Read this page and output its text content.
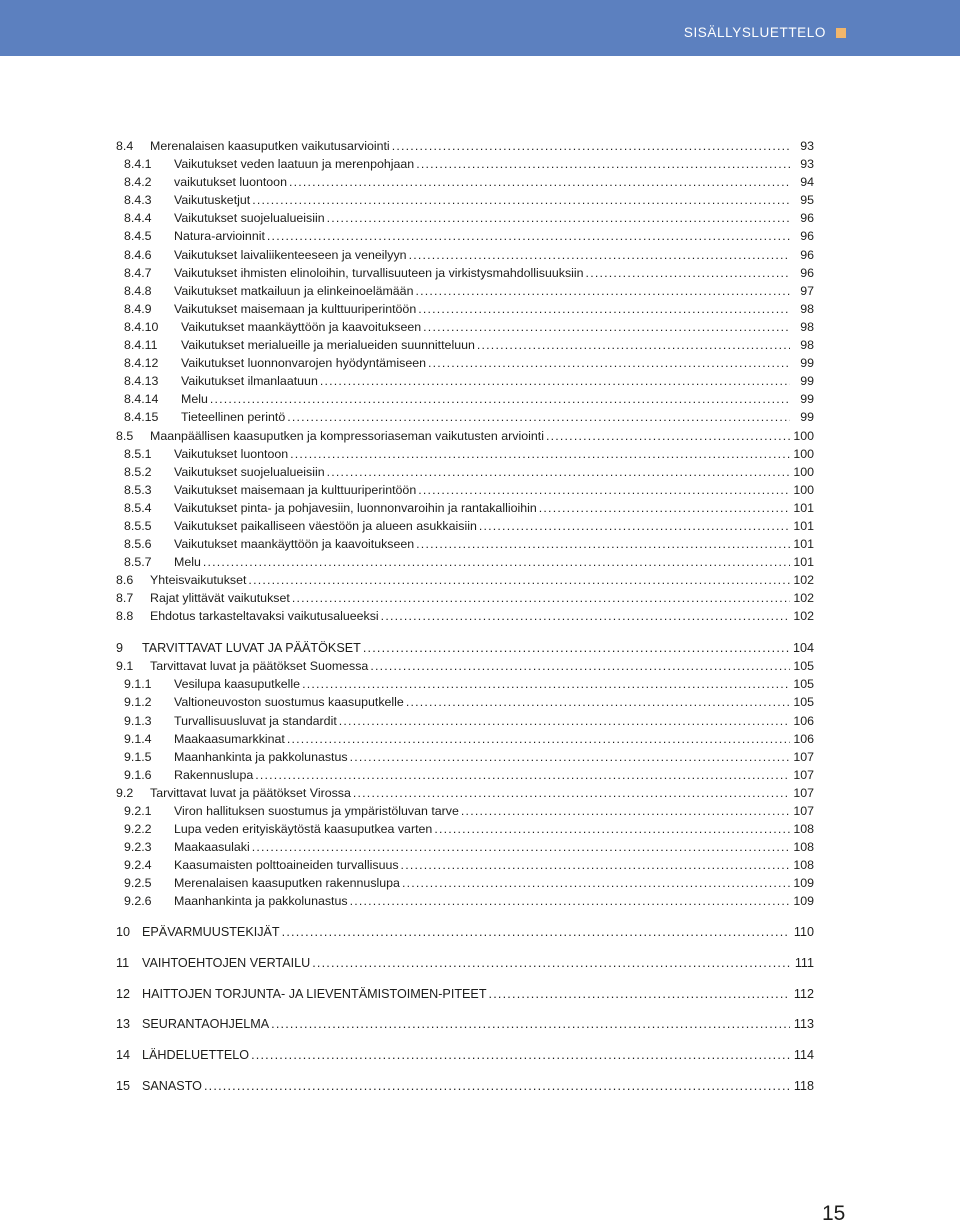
SISÄLLYSLUETTELO
8.4	Merenalaisen kaasuputken vaikutusarviointi .....	93
8.4.1	Vaikutukset veden laatuun ja merenpohjaan .....	93
8.4.2	vaikutukset luontoon .....	94
8.4.3	Vaikutusketjut .....	95
8.4.4	Vaikutukset suojelualueisiin .....	96
8.4.5	Natura-arvioinnit .....	96
8.4.6	Vaikutukset laivaliikenteeseen ja veneilyyn .....	96
8.4.7	Vaikutukset ihmisten elinoloihin, turvallisuuteen ja virkistysmahdollisuuksiin .....	96
8.4.8	Vaikutukset matkailuun ja elinkeinoelämään .....	97
8.4.9	Vaikutukset maisemaan ja kulttuuriperintöön .....	98
8.4.10	Vaikutukset maankäyttöön ja kaavoitukseen .....	98
8.4.11	Vaikutukset merialueille ja merialueiden suunnitteluun .....	98
8.4.12	Vaikutukset luonnonvarojen hyödyntämiseen .....	99
8.4.13	Vaikutukset ilmanlaatuun .....	99
8.4.14	Melu .....	99
8.4.15	Tieteellinen perintö .....	99
8.5	Maanpäällisen kaasuputken ja kompressoriaseman vaikutusten arviointi .....	100
8.5.1	Vaikutukset luontoon .....	100
8.5.2	Vaikutukset suojelualueisiin .....	100
8.5.3	Vaikutukset maisemaan ja kulttuuriperintöön .....	100
8.5.4	Vaikutukset pinta- ja pohjavesiin, luonnonvaroihin ja rantakallioihin .....	101
8.5.5	Vaikutukset paikalliseen väestöön ja alueen asukkaisiin .....	101
8.5.6	Vaikutukset maankäyttöön ja kaavoitukseen .....	101
8.5.7	Melu .....	101
8.6	Yhteisvaikutukset .....	102
8.7	Rajat ylittävät vaikutukset .....	102
8.8	Ehdotus tarkasteltavaksi vaikutusalueeksi .....	102
9	TARVITTAVAT LUVAT JA PÄÄTÖKSET .....	104
9.1	Tarvittavat luvat ja päätökset Suomessa .....	105
9.1.1	Vesilupa kaasuputkelle .....	105
9.1.2	Valtioneuvoston suostumus kaasuputkelle .....	105
9.1.3	Turvallisuusluvat ja standardit .....	106
9.1.4	Maakaasumarkkinat .....	106
9.1.5	Maanhankinta ja pakkolunastus .....	107
9.1.6	Rakennuslupa .....	107
9.2	Tarvittavat luvat ja päätökset Virossa .....	107
9.2.1	Viron hallituksen suostumus ja ympäristöluvan tarve .....	107
9.2.2	Lupa veden erityiskäytöstä kaasuputkea varten .....	108
9.2.3	Maakaasulaki .....	108
9.2.4	Kaasumaisten polttoaineiden turvallisuus .....	108
9.2.5	Merenalaisen kaasuputken rakennuslupa .....	109
9.2.6	Maanhankinta ja pakkolunastus .....	109
10 EPÄVARMUUSTEKIJÄT .....	110
11	VAIHTOEHTOJEN VERTAILU .....	111
12 HAITTOJEN TORJUNTA- JA LIEVENTÄMISTOIMEN-PITEET .....	112
13 SEURANTAOHJELMA .....	113
14 LÄHDELUETTELO .....	114
15 SANASTO .....	118
15
